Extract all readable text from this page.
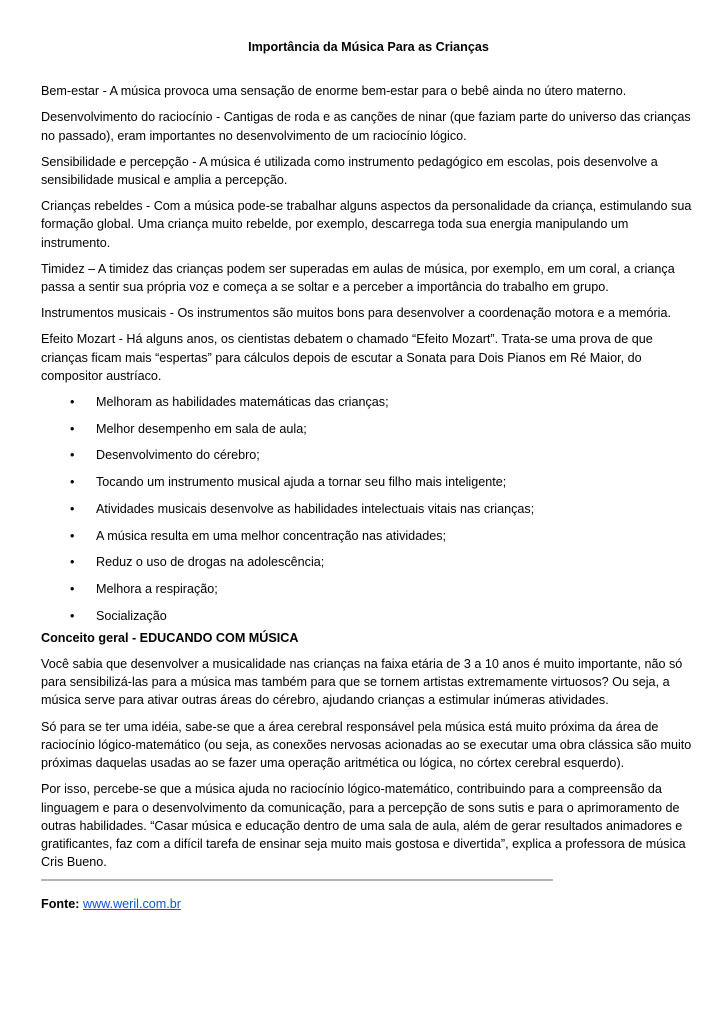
Importância da Música Para as Crianças

Bem-estar - A música provoca uma sensação de enorme bem-estar para o bebê ainda no útero materno.

Desenvolvimento do raciocínio - Cantigas de roda e as canções de ninar (que faziam parte do universo das crianças no passado), eram importantes no desenvolvimento de um raciocínio lógico.

Sensibilidade e percepção - A música é utilizada como instrumento pedagógico em escolas, pois desenvolve a sensibilidade musical e amplia a percepção.

Crianças rebeldes - Com a música pode-se trabalhar alguns aspectos da personalidade da criança, estimulando sua formação global. Uma criança muito rebelde, por exemplo, descarrega toda sua energia manipulando um instrumento.

Timidez – A timidez das crianças podem ser superadas em aulas de música, por exemplo, em um coral, a criança passa a sentir sua própria voz e começa a se soltar e a perceber a importância do trabalho em grupo.

Instrumentos musicais - Os instrumentos são muitos bons para desenvolver a coordenação motora e a memória.

Efeito Mozart - Há alguns anos, os cientistas debatem o chamado “Efeito Mozart”. Trata-se uma prova de que crianças ficam mais “espertas” para cálculos depois de escutar a Sonata para Dois Pianos em Ré Maior, do compositor austríaco.

• Melhoram as habilidades matemáticas das crianças;
• Melhor desempenho em sala de aula;
• Desenvolvimento do cérebro;
• Tocando um instrumento musical ajuda a tornar seu filho mais inteligente;
• Atividades musicais desenvolve as habilidades intelectuais vitais nas crianças;
• A música resulta em uma melhor concentração nas atividades;
• Reduz o uso de drogas na adolescência;
• Melhora a respiração;
• Socialização
Conceito geral - EDUCANDO COM MÚSICA

Você sabia que desenvolver a musicalidade nas crianças na faixa etária de 3 a 10 anos é muito importante, não só para sensibilizá-las para a música mas também para que se tornem artistas extremamente virtuosos? Ou seja, a música serve para ativar outras áreas do cérebro, ajudando crianças a estimular inúmeras atividades.

Só para se ter uma idéia, sabe-se que a área cerebral responsável pela música está muito próxima da área de raciocínio lógico-matemático (ou seja, as conexões nervosas acionadas ao se executar uma obra clássica são muito próximas daquelas usadas ao se fazer uma operação aritmética ou lógica, no córtex cerebral esquerdo).

Por isso, percebe-se que a música ajuda no raciocínio lógico-matemático, contribuindo para a compreensão da linguagem e para o desenvolvimento da comunicação, para a percepção de sons sutis e para o aprimoramento de outras habilidades. “Casar música e educação dentro de uma sala de aula, além de gerar resultados animadores e gratificantes, faz com a difícil tarefa de ensinar seja muito mais gostosa e divertida”, explica a professora de música Cris Bueno.

Fonte: www.weril.com.br
